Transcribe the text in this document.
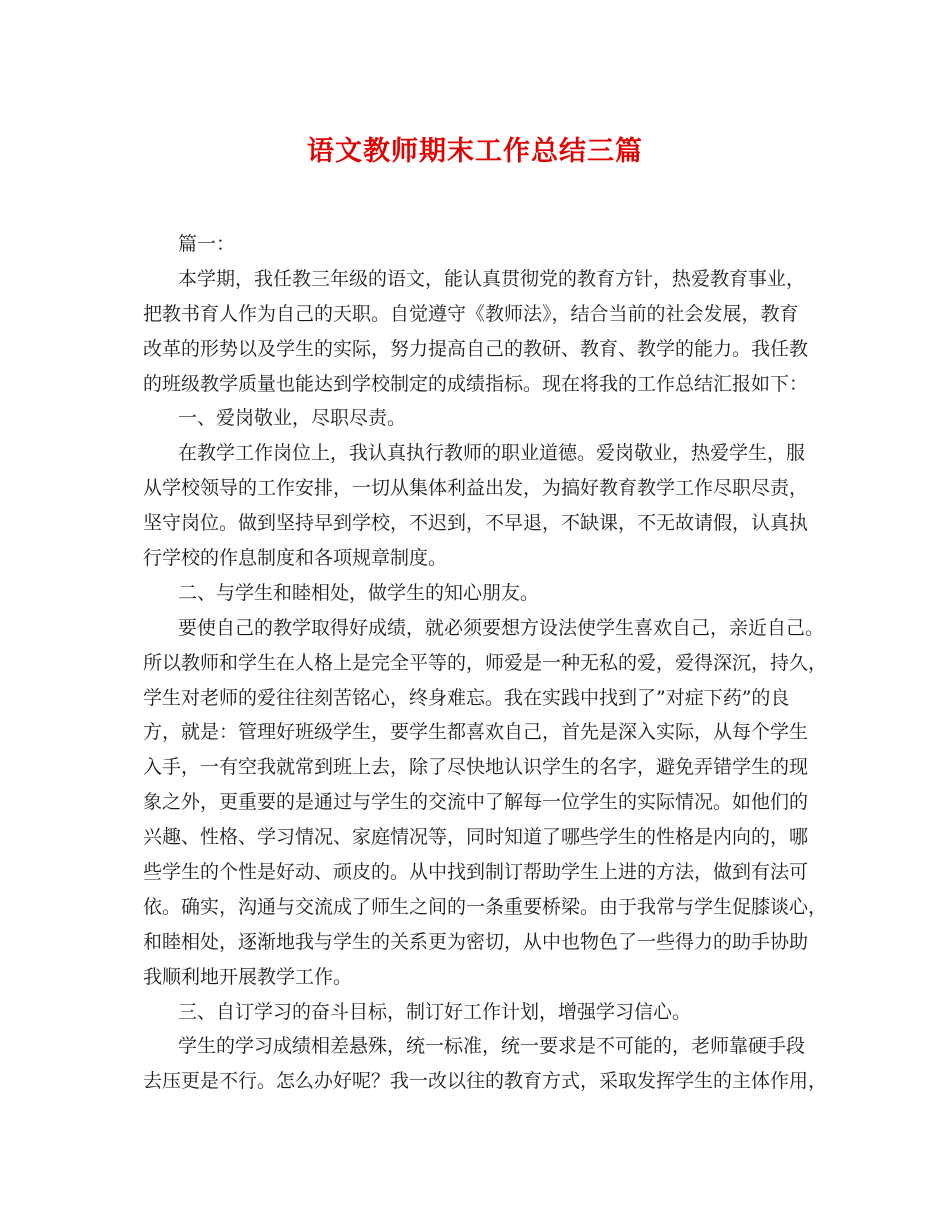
语文教师期末工作总结三篇
篇一：
本学期，我任教三年级的语文，能认真贯彻党的教育方针，热爱教育事业，
把教书育人作为自己的天职。自觉遵守《教师法》，结合当前的社会发展，教育
改革的形势以及学生的实际，努力提高自己的教研、教育、教学的能力。我任教
的班级教学质量也能达到学校制定的成绩指标。现在将我的工作总结汇报如下：
一、爱岗敬业，尽职尽责。
在教学工作岗位上，我认真执行教师的职业道德。爱岗敬业，热爱学生，服
从学校领导的工作安排，一切从集体利益出发，为搞好教育教学工作尽职尽责，
坚守岗位。做到坚持早到学校，不迟到，不早退，不缺课，不无故请假，认真执
行学校的作息制度和各项规章制度。
二、与学生和睦相处，做学生的知心朋友。
要使自己的教学取得好成绩，就必须要想方设法使学生喜欢自己，亲近自己。
所以教师和学生在人格上是完全平等的，师爱是一种无私的爱，爱得深沉，持久，
学生对老师的爱往往刻苦铭心，终身难忘。我在实践中找到了”对症下药”的良
方，就是：管理好班级学生，要学生都喜欢自己，首先是深入实际，从每个学生
入手，一有空我就常到班上去，除了尽快地认识学生的名字，避免弄错学生的现
象之外，更重要的是通过与学生的交流中了解每一位学生的实际情况。如他们的
兴趣、性格、学习情况、家庭情况等，同时知道了哪些学生的性格是内向的，哪
些学生的个性是好动、顽皮的。从中找到制订帮助学生上进的方法，做到有法可
依。确实，沟通与交流成了师生之间的一条重要桥梁。由于我常与学生促膝谈心，
和睦相处，逐渐地我与学生的关系更为密切，从中也物色了一些得力的助手协助
我顺利地开展教学工作。
三、自订学习的奋斗目标，制订好工作计划，增强学习信心。
学生的学习成绩相差悬殊，统一标准，统一要求是不可能的，老师靠硬手段
去压更是不行。怎么办好呢？我一改以往的教育方式，采取发挥学生的主体作用，
